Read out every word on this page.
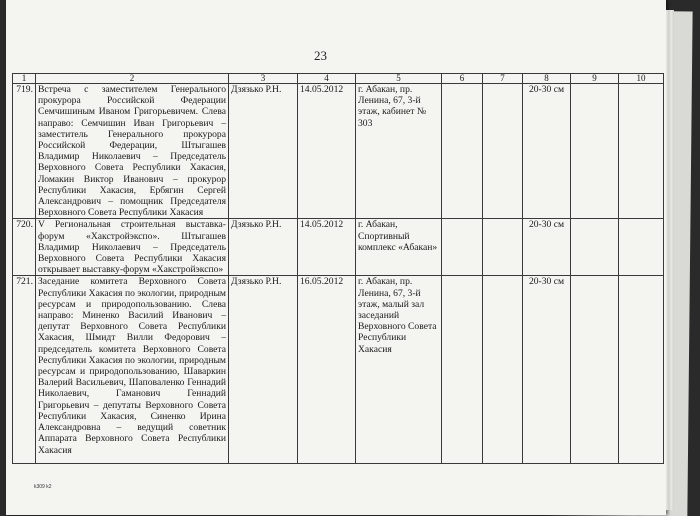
23
1	2	3	4	5	6	7	8	9	10
719.	Встреча с заместителем Генерального прокурора Российской Федерации Семчишиным Иваном Григорьевичем. Слева направо: Семчишин Иван Григорьевич – заместитель Генерального прокурора Российской Федерации, Штыгашев Владимир Николаевич – Председатель Верховного Совета Республики Хакасия, Ломакин Виктор Иванович – прокурор Республики Хакасия, Ербягин Сергей Александрович – помощник Председателя Верховного Совета Республики Хакасия	Дзязько Р.Н.	14.05.2012	г. Абакан, пр. Ленина, 67, 3-й этаж, кабинет № 303			20-30 см		
720.	V Региональная строительная выставка-форум «Хакстройэкспо». Штыгашев Владимир Николаевич – Председатель Верховного Совета Республики Хакасия открывает выставку-форум «Хакстройэкспо»	Дзязько Р.Н.	14.05.2012	г. Абакан, Спортивный комплекс «Абакан»			20-30 см		
721.	Заседание комитета Верховного Совета Республики Хакасия по экологии, природным ресурсам и природопользованию. Слева направо: Миненко Василий Иванович – депутат Верховного Совета Республики Хакасия, Шмидт Вилли Федорович – председатель комитета Верховного Совета Республики Хакасия по экологии, природным ресурсам и природопользованию, Шаваркин Валерий Васильевич, Шаповаленко Геннадий Николаевич, Гаманович Геннадий Григорьевич – депутаты Верховного Совета Республики Хакасия, Синенко Ирина Александровна – ведущий советник Аппарата Верховного Совета Республики Хакасия	Дзязько Р.Н.	16.05.2012	г. Абакан, пр. Ленина, 67, 3-й этаж, малый зал заседаний Верховного Совета Республики Хакасия			20-30 см		
k309 k2
